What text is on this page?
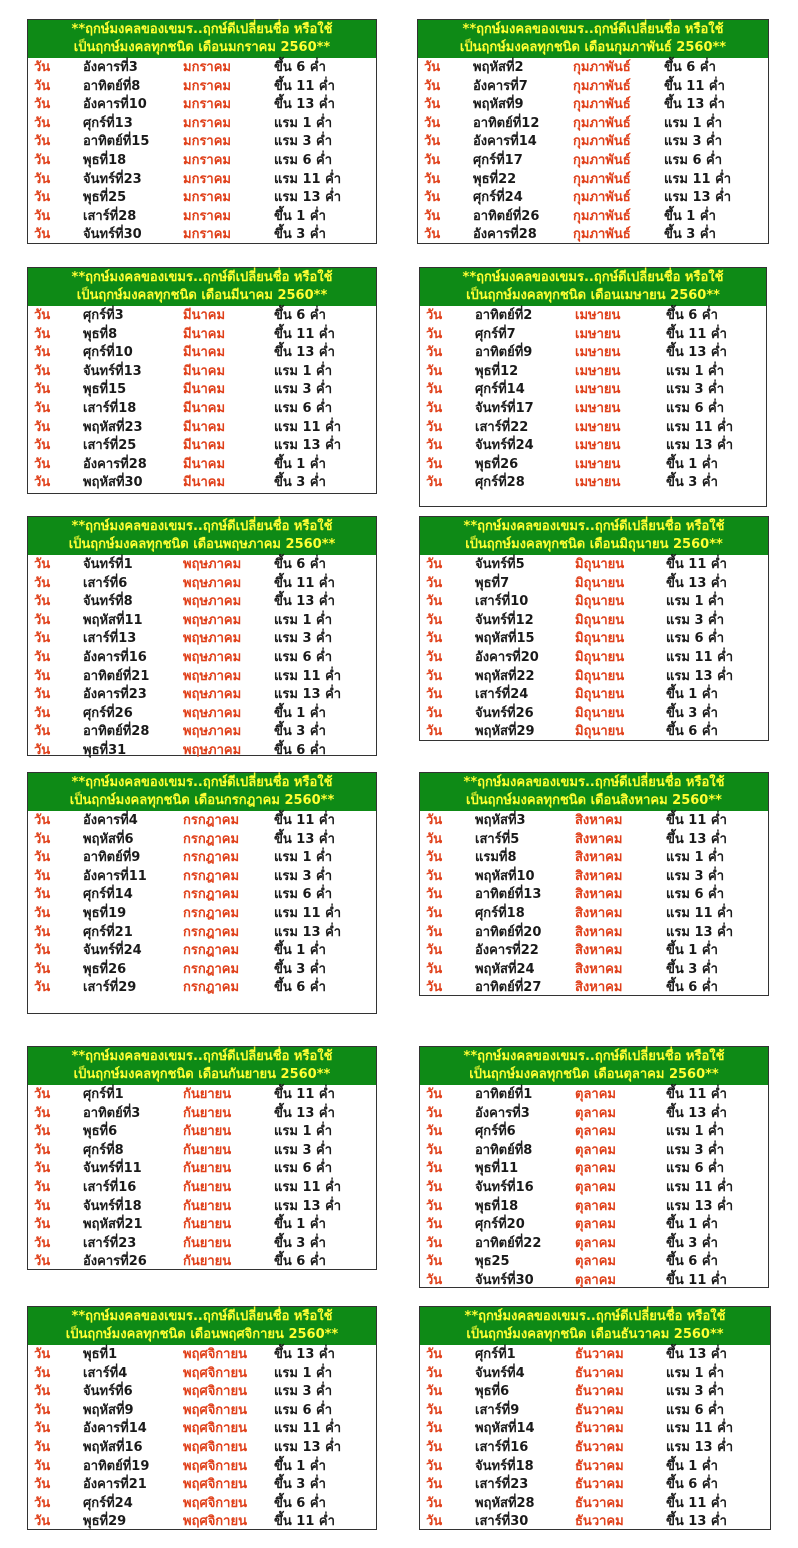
**ฤกษ์มงคลของเขมร..ฤกษ์ดีเปลี่ยนชื่อ หรือใช้
เป็นฤกษ์มงคลทุกชนิด เดือนมกราคม 2560**
วัน	อังคารที่3	มกราคม	ขึ้น 6 ค่ำ
วัน	อาทิตย์ที่8	มกราคม	ขึ้น 11 ค่ำ
วัน	อังคารที่10	มกราคม	ขึ้น 13 ค่ำ
วัน	ศุกร์ที่13	มกราคม	แรม 1 ค่ำ
วัน	อาทิตย์ที่15	มกราคม	แรม 3 ค่ำ
วัน	พุธที่18	มกราคม	แรม 6 ค่ำ
วัน	จันทร์ที่23	มกราคม	แรม 11 ค่ำ
วัน	พุธที่25	มกราคม	แรม 13 ค่ำ
วัน	เสาร์ที่28	มกราคม	ขึ้น 1 ค่ำ
วัน	จันทร์ที่30	มกราคม	ขึ้น 3 ค่ำ
**ฤกษ์มงคลของเขมร..ฤกษ์ดีเปลี่ยนชื่อ หรือใช้
เป็นฤกษ์มงคลทุกชนิด เดือนกุมภาพันธ์ 2560**
วัน	พฤหัสที่2	กุมภาพันธ์	ขึ้น 6 ค่ำ
วัน	อังคารที่7	กุมภาพันธ์	ขึ้น 11 ค่ำ
วัน	พฤหัสที่9	กุมภาพันธ์	ขึ้น 13 ค่ำ
วัน	อาทิตย์ที่12	กุมภาพันธ์	แรม 1 ค่ำ
วัน	อังคารที่14	กุมภาพันธ์	แรม 3 ค่ำ
วัน	ศุกร์ที่17	กุมภาพันธ์	แรม 6 ค่ำ
วัน	พุธที่22	กุมภาพันธ์	แรม 11 ค่ำ
วัน	ศุกร์ที่24	กุมภาพันธ์	แรม 13 ค่ำ
วัน	อาทิตย์ที่26	กุมภาพันธ์	ขึ้น 1 ค่ำ
วัน	อังคารที่28	กุมภาพันธ์	ขึ้น 3 ค่ำ
**ฤกษ์มงคลของเขมร..ฤกษ์ดีเปลี่ยนชื่อ หรือใช้
เป็นฤกษ์มงคลทุกชนิด เดือนมีนาคม 2560**
วัน	ศุกร์ที่3	มีนาคม	ขึ้น 6 ค่ำ
วัน	พุธที่8	มีนาคม	ขึ้น 11 ค่ำ
วัน	ศุกร์ที่10	มีนาคม	ขึ้น 13 ค่ำ
วัน	จันทร์ที่13	มีนาคม	แรม 1 ค่ำ
วัน	พุธที่15	มีนาคม	แรม 3 ค่ำ
วัน	เสาร์ที่18	มีนาคม	แรม 6 ค่ำ
วัน	พฤหัสที่23	มีนาคม	แรม 11 ค่ำ
วัน	เสาร์ที่25	มีนาคม	แรม 13 ค่ำ
วัน	อังคารที่28	มีนาคม	ขึ้น 1 ค่ำ
วัน	พฤหัสที่30	มีนาคม	ขึ้น 3 ค่ำ
**ฤกษ์มงคลของเขมร..ฤกษ์ดีเปลี่ยนชื่อ หรือใช้
เป็นฤกษ์มงคลทุกชนิด เดือนเมษายน 2560**
วัน	อาทิตย์ที่2	เมษายน	ขึ้น 6 ค่ำ
วัน	ศุกร์ที่7	เมษายน	ขึ้น 11 ค่ำ
วัน	อาทิตย์ที่9	เมษายน	ขึ้น 13 ค่ำ
วัน	พุธที่12	เมษายน	แรม 1 ค่ำ
วัน	ศุกร์ที่14	เมษายน	แรม 3 ค่ำ
วัน	จันทร์ที่17	เมษายน	แรม 6 ค่ำ
วัน	เสาร์ที่22	เมษายน	แรม 11 ค่ำ
วัน	จันทร์ที่24	เมษายน	แรม 13 ค่ำ
วัน	พุธที่26	เมษายน	ขึ้น 1 ค่ำ
วัน	ศุกร์ที่28	เมษายน	ขึ้น 3 ค่ำ
**ฤกษ์มงคลของเขมร..ฤกษ์ดีเปลี่ยนชื่อ หรือใช้
เป็นฤกษ์มงคลทุกชนิด เดือนพฤษภาคม 2560**
วัน	จันทร์ที่1	พฤษภาคม	ขึ้น 6 ค่ำ
วัน	เสาร์ที่6	พฤษภาคม	ขึ้น 11 ค่ำ
วัน	จันทร์ที่8	พฤษภาคม	ขึ้น 13 ค่ำ
วัน	พฤหัสที่11	พฤษภาคม	แรม 1 ค่ำ
วัน	เสาร์ที่13	พฤษภาคม	แรม 3 ค่ำ
วัน	อังคารที่16	พฤษภาคม	แรม 6 ค่ำ
วัน	อาทิตย์ที่21	พฤษภาคม	แรม 11 ค่ำ
วัน	อังคารที่23	พฤษภาคม	แรม 13 ค่ำ
วัน	ศุกร์ที่26	พฤษภาคม	ขึ้น 1 ค่ำ
วัน	อาทิตย์ที่28	พฤษภาคม	ขึ้น 3 ค่ำ
วัน	พุธที่31	พฤษภาคม	ขึ้น 6 ค่ำ
**ฤกษ์มงคลของเขมร..ฤกษ์ดีเปลี่ยนชื่อ หรือใช้
เป็นฤกษ์มงคลทุกชนิด เดือนมิถุนายน 2560**
วัน	จันทร์ที่5	มิถุนายน	ขึ้น 11 ค่ำ
วัน	พุธที่7	มิถุนายน	ขึ้น 13 ค่ำ
วัน	เสาร์ที่10	มิถุนายน	แรม 1 ค่ำ
วัน	จันทร์ที่12	มิถุนายน	แรม 3 ค่ำ
วัน	พฤหัสที่15	มิถุนายน	แรม 6 ค่ำ
วัน	อังคารที่20	มิถุนายน	แรม 11 ค่ำ
วัน	พฤหัสที่22	มิถุนายน	แรม 13 ค่ำ
วัน	เสาร์ที่24	มิถุนายน	ขึ้น 1 ค่ำ
วัน	จันทร์ที่26	มิถุนายน	ขึ้น 3 ค่ำ
วัน	พฤหัสที่29	มิถุนายน	ขึ้น 6 ค่ำ
**ฤกษ์มงคลของเขมร..ฤกษ์ดีเปลี่ยนชื่อ หรือใช้
เป็นฤกษ์มงคลทุกชนิด เดือนกรกฎาคม 2560**
วัน	อังคารที่4	กรกฎาคม	ขึ้น 11 ค่ำ
วัน	พฤหัสที่6	กรกฎาคม	ขึ้น 13 ค่ำ
วัน	อาทิตย์ที่9	กรกฎาคม	แรม 1 ค่ำ
วัน	อังคารที่11	กรกฎาคม	แรม 3 ค่ำ
วัน	ศุกร์ที่14	กรกฎาคม	แรม 6 ค่ำ
วัน	พุธที่19	กรกฎาคม	แรม 11 ค่ำ
วัน	ศุกร์ที่21	กรกฎาคม	แรม 13 ค่ำ
วัน	จันทร์ที่24	กรกฎาคม	ขึ้น 1 ค่ำ
วัน	พุธที่26	กรกฎาคม	ขึ้น 3 ค่ำ
วัน	เสาร์ที่29	กรกฎาคม	ขึ้น 6 ค่ำ
**ฤกษ์มงคลของเขมร..ฤกษ์ดีเปลี่ยนชื่อ หรือใช้
เป็นฤกษ์มงคลทุกชนิด เดือนสิงหาคม 2560**
วัน	พฤหัสที่3	สิงหาคม	ขึ้น 11 ค่ำ
วัน	เสาร์ที่5	สิงหาคม	ขึ้น 13 ค่ำ
วัน	แรมที่8	สิงหาคม	แรม 1 ค่ำ
วัน	พฤหัสที่10	สิงหาคม	แรม 3 ค่ำ
วัน	อาทิตย์ที่13	สิงหาคม	แรม 6 ค่ำ
วัน	ศุกร์ที่18	สิงหาคม	แรม 11 ค่ำ
วัน	อาทิตย์ที่20	สิงหาคม	แรม 13 ค่ำ
วัน	อังคารที่22	สิงหาคม	ขึ้น 1 ค่ำ
วัน	พฤหัสที่24	สิงหาคม	ขึ้น 3 ค่ำ
วัน	อาทิตย์ที่27	สิงหาคม	ขึ้น 6 ค่ำ
**ฤกษ์มงคลของเขมร..ฤกษ์ดีเปลี่ยนชื่อ หรือใช้
เป็นฤกษ์มงคลทุกชนิด เดือนกันยายน 2560**
วัน	ศุกร์ที่1	กันยายน	ขึ้น 11 ค่ำ
วัน	อาทิตย์ที่3	กันยายน	ขึ้น 13 ค่ำ
วัน	พุธที่6	กันยายน	แรม 1 ค่ำ
วัน	ศุกร์ที่8	กันยายน	แรม 3 ค่ำ
วัน	จันทร์ที่11	กันยายน	แรม 6 ค่ำ
วัน	เสาร์ที่16	กันยายน	แรม 11 ค่ำ
วัน	จันทร์ที่18	กันยายน	แรม 13 ค่ำ
วัน	พฤหัสที่21	กันยายน	ขึ้น 1 ค่ำ
วัน	เสาร์ที่23	กันยายน	ขึ้น 3 ค่ำ
วัน	อังคารที่26	กันยายน	ขึ้น 6 ค่ำ
**ฤกษ์มงคลของเขมร..ฤกษ์ดีเปลี่ยนชื่อ หรือใช้
เป็นฤกษ์มงคลทุกชนิด เดือนตุลาคม 2560**
วัน	อาทิตย์ที่1	ตุลาคม	ขึ้น 11 ค่ำ
วัน	อังคารที่3	ตุลาคม	ขึ้น 13 ค่ำ
วัน	ศุกร์ที่6	ตุลาคม	แรม 1 ค่ำ
วัน	อาทิตย์ที่8	ตุลาคม	แรม 3 ค่ำ
วัน	พุธที่11	ตุลาคม	แรม 6 ค่ำ
วัน	จันทร์ที่16	ตุลาคม	แรม 11 ค่ำ
วัน	พุธที่18	ตุลาคม	แรม 13 ค่ำ
วัน	ศุกร์ที่20	ตุลาคม	ขึ้น 1 ค่ำ
วัน	อาทิตย์ที่22	ตุลาคม	ขึ้น 3 ค่ำ
วัน	พุธ25	ตุลาคม	ขึ้น 6 ค่ำ
วัน	จันทร์ที่30	ตุลาคม	ขึ้น 11 ค่ำ
**ฤกษ์มงคลของเขมร..ฤกษ์ดีเปลี่ยนชื่อ หรือใช้
เป็นฤกษ์มงคลทุกชนิด เดือนพฤศจิกายน 2560**
วัน	พุธที่1	พฤศจิกายน ขึ้น 13 ค่ำ
วัน	เสาร์ที่4	พฤศจิกายน แรม 1 ค่ำ
วัน	จันทร์ที่6	พฤศจิกายน แรม 3 ค่ำ
วัน	พฤหัสที่9	พฤศจิกายน แรม 6 ค่ำ
วัน	อังคารที่14	พฤศจิกายน แรม 11 ค่ำ
วัน	พฤหัสที่16	พฤศจิกายน แรม 13 ค่ำ
วัน	อาทิตย์ที่19	พฤศจิกายน ขึ้น 1 ค่ำ
วัน	อังคารที่21	พฤศจิกายน ขึ้น 3 ค่ำ
วัน	ศุกร์ที่24	พฤศจิกายน ขึ้น 6 ค่ำ
วัน	พุธที่29	พฤศจิกายน ขึ้น 11 ค่ำ
**ฤกษ์มงคลของเขมร..ฤกษ์ดีเปลี่ยนชื่อ หรือใช้
เป็นฤกษ์มงคลทุกชนิด เดือนธันวาคม 2560**
วัน	ศุกร์ที่1	ธันวาคม	ขึ้น 13 ค่ำ
วัน	จันทร์ที่4	ธันวาคม	แรม 1 ค่ำ
วัน	พุธที่6	ธันวาคม	แรม 3 ค่ำ
วัน	เสาร์ที่9	ธันวาคม	แรม 6 ค่ำ
วัน	พฤหัสที่14	ธันวาคม	แรม 11 ค่ำ
วัน	เสาร์ที่16	ธันวาคม	แรม 13 ค่ำ
วัน	จันทร์ที่18	ธันวาคม	ขึ้น 1 ค่ำ
วัน	เสาร์ที่23	ธันวาคม	ขึ้น 6 ค่ำ
วัน	พฤหัสที่28	ธันวาคม	ขึ้น 11 ค่ำ
วัน	เสาร์ที่30	ธันวาคม	ขึ้น 13 ค่ำ
